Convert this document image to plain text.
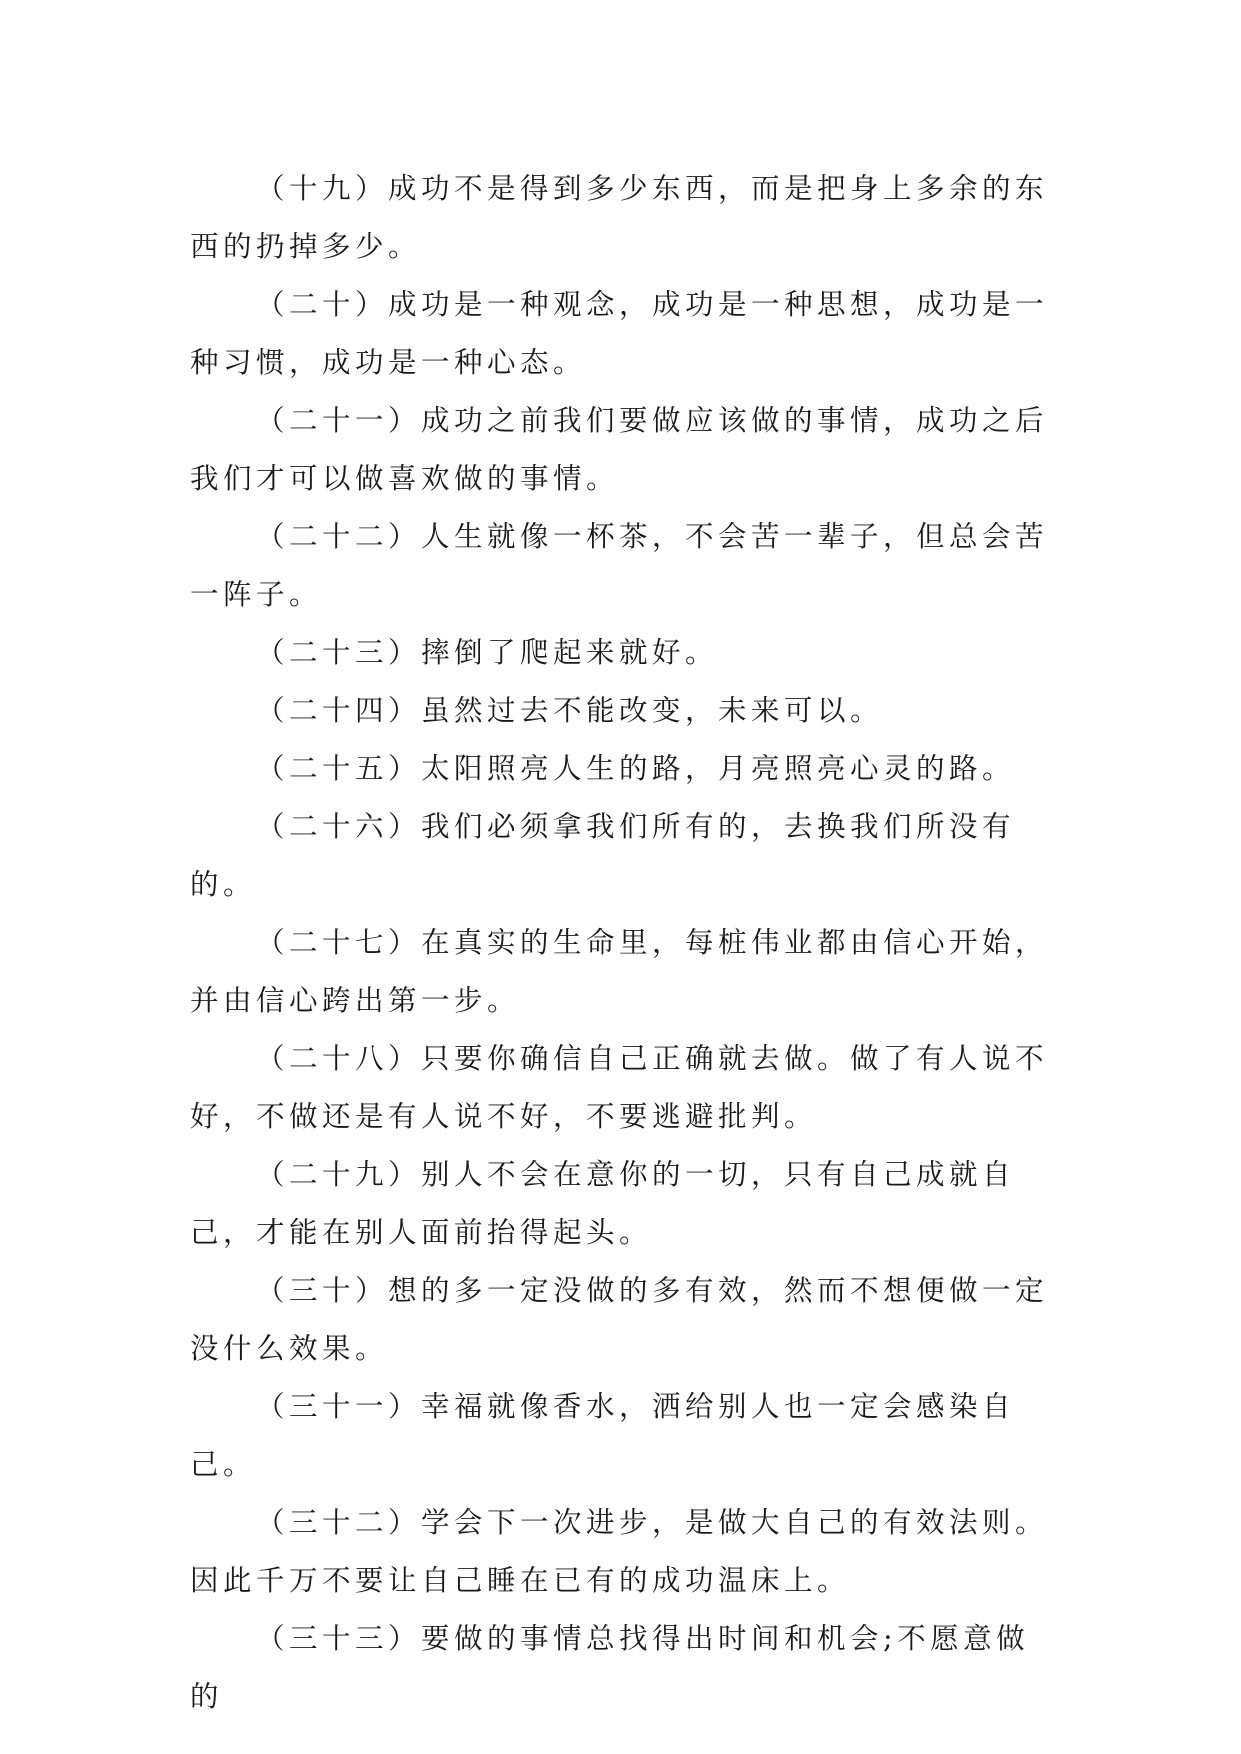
（十九）成功不是得到多少东西，而是把身上多余的东西的扔掉多少。

（二十）成功是一种观念，成功是一种思想，成功是一种习惯，成功是一种心态。

（二十一）成功之前我们要做应该做的事情，成功之后我们才可以做喜欢做的事情。

（二十二）人生就像一杯茶，不会苦一辈子，但总会苦一阵子。

（二十三）摔倒了爬起来就好。

（二十四）虽然过去不能改变，未来可以。

（二十五）太阳照亮人生的路，月亮照亮心灵的路。

（二十六）我们必须拿我们所有的，去换我们所没有的。

（二十七）在真实的生命里，每桩伟业都由信心开始，并由信心跨出第一步。

（二十八）只要你确信自己正确就去做。做了有人说不好，不做还是有人说不好，不要逃避批判。

（二十九）别人不会在意你的一切，只有自己成就自己，才能在别人面前抬得起头。

（三十）想的多一定没做的多有效，然而不想便做一定没什么效果。

（三十一）幸福就像香水，洒给别人也一定会感染自己。

（三十二）学会下一次进步，是做大自己的有效法则。因此千万不要让自己睡在已有的成功温床上。

（三十三）要做的事情总找得出时间和机会;不愿意做的
